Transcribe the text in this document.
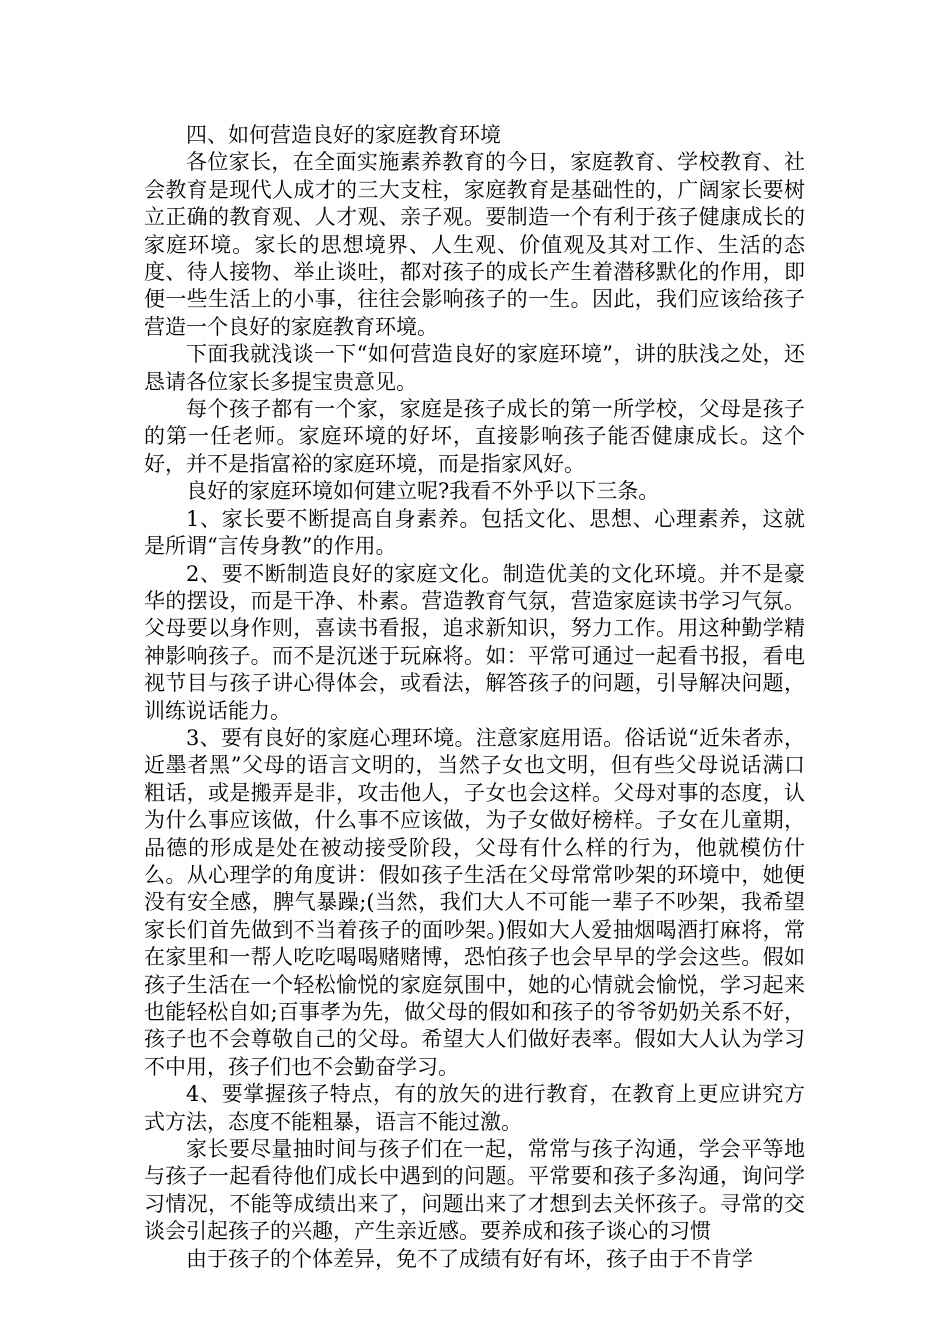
四、如何营造良好的家庭教育环境

各位家长，在全面实施素养教育的今日，家庭教育、学校教育、社会教育是现代人成才的三大支柱，家庭教育是基础性的，广阔家长要树立正确的教育观、人才观、亲子观。要制造一个有利于孩子健康成长的家庭环境。家长的思想境界、人生观、价值观及其对工作、生活的态度、待人接物、举止谈吐，都对孩子的成长产生着潜移默化的作用，即便一些生活上的小事，往往会影响孩子的一生。因此，我们应该给孩子营造一个良好的家庭教育环境。

下面我就浅谈一下“如何营造良好的家庭环境”，讲的肤浅之处，还恳请各位家长多提宝贵意见。

每个孩子都有一个家，家庭是孩子成长的第一所学校，父母是孩子的第一任老师。家庭环境的好坏，直接影响孩子能否健康成长。这个好，并不是指富裕的家庭环境，而是指家风好。

良好的家庭环境如何建立呢?我看不外乎以下三条。

1、家长要不断提高自身素养。包括文化、思想、心理素养，这就是所谓“言传身教”的作用。

2、要不断制造良好的家庭文化。制造优美的文化环境。并不是豪华的摆设，而是干净、朴素。营造教育气氛，营造家庭读书学习气氛。父母要以身作则，喜读书看报，追求新知识，努力工作。用这种勤学精神影响孩子。而不是沉迷于玩麻将。如：平常可通过一起看书报，看电视节目与孩子讲心得体会，或看法，解答孩子的问题，引导解决问题，训练说话能力。

3、要有良好的家庭心理环境。注意家庭用语。俗话说“近朱者赤，近墨者黑”父母的语言文明的，当然子女也文明，但有些父母说话满口粗话，或是搬弄是非，攻击他人，子女也会这样。父母对事的态度，认为什么事应该做，什么事不应该做，为子女做好榜样。子女在儿童期，品德的形成是处在被动接受阶段，父母有什么样的行为，他就模仿什么。从心理学的角度讲：假如孩子生活在父母常常吵架的环境中，她便没有安全感，脾气暴躁;(当然，我们大人不可能一辈子不吵架，我希望家长们首先做到不当着孩子的面吵架。)假如大人爱抽烟喝酒打麻将，常在家里和一帮人吃吃喝喝赌赌博，恐怕孩子也会早早的学会这些。假如孩子生活在一个轻松愉悦的家庭氛围中，她的心情就会愉悦，学习起来也能轻松自如;百事孝为先，做父母的假如和孩子的爷爷奶奶关系不好，孩子也不会尊敬自己的父母。希望大人们做好表率。假如大人认为学习不中用，孩子们也不会勤奋学习。

4、要掌握孩子特点，有的放矢的进行教育，在教育上更应讲究方式方法，态度不能粗暴，语言不能过激。

家长要尽量抽时间与孩子们在一起，常常与孩子沟通，学会平等地与孩子一起看待他们成长中遇到的问题。平常要和孩子多沟通，询问学习情况，不能等成绩出来了，问题出来了才想到去关怀孩子。寻常的交谈会引起孩子的兴趣，产生亲近感。要养成和孩子谈心的习惯

由于孩子的个体差异，免不了成绩有好有坏，孩子由于不肯学
